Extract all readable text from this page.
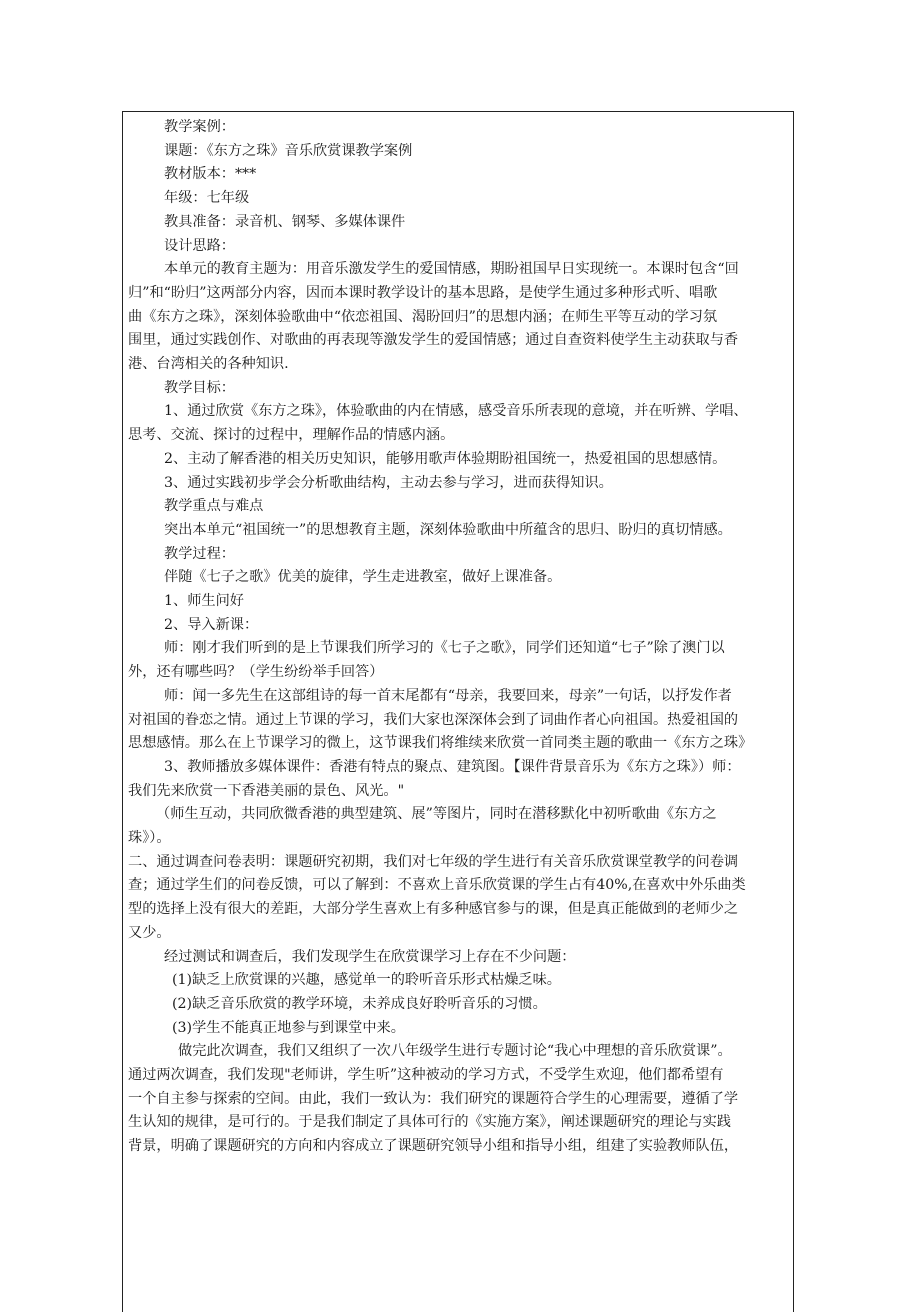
教学案例：
课题：《东方之珠》音乐欣赏课教学案例
教材版本：***
年级：七年级
教具准备：录音机、钢琴、多媒体课件
设计思路：
本单元的教育主题为：用音乐激发学生的爱国情感，期盼祖国早日实现统一。本课时包含“回
归”和“盼归”这两部分内容，因而本课时教学设计的基本思路，是使学生通过多种形式听、唱歌
曲《东方之珠》，深刻体验歌曲中“依恋祖国、渴盼回归”的思想内涵；在师生平等互动的学习氛
围里，通过实践创作、对歌曲的再表现等激发学生的爱国情感；通过自查资料使学生主动获取与香
港、台湾相关的各种知识.
教学目标：
1、通过欣赏《东方之珠》，体验歌曲的内在情感，感受音乐所表现的意境，并在听辨、学唱、
思考、交流、探讨的过程中，理解作品的情感内涵。
2、主动了解香港的相关历史知识，能够用歌声体验期盼祖国统一，热爱祖国的思想感情。
3、通过实践初步学会分析歌曲结构，主动去参与学习，进而获得知识。
教学重点与难点
突出本单元“祖国统一”的思想教育主题，深刻体验歌曲中所蕴含的思归、盼归的真切情感。
教学过程：
伴随《七子之歌》优美的旋律，学生走进教室，做好上课准备。
1、师生问好
2、导入新课：
师：刚才我们听到的是上节课我们所学习的《七子之歌》，同学们还知道“七子”除了澳门以
外，还有哪些吗？（学生纷纷举手回答）
师：闻一多先生在这部组诗的每一首末尾都有“母亲，我要回来，母亲”一句话，以抒发作者
对祖国的眷恋之情。通过上节课的学习，我们大家也深深体会到了词曲作者心向祖国。热爱祖国的
思想感情。那么在上节课学习的微上，这节课我们将维续来欣赏一首同类主题的歌曲一《东方之珠》
3、教师播放多媒体课件：香港有特点的聚点、建筑图。【课件背景音乐为《东方之珠》）师：
我们先来欣赏一下香港美丽的景色、风光。"
（师生互动，共同欣微香港的典型建筑、展”等图片，同时在潜移默化中初听歌曲《东方之
珠》）。
二、通过调查问卷表明：课题研究初期，我们对七年级的学生进行有关音乐欣赏课堂教学的问卷调
查；通过学生们的问卷反馈，可以了解到：不喜欢上音乐欣赏课的学生占有40%,在喜欢中外乐曲类
型的选择上没有很大的差距，大部分学生喜欢上有多种感官参与的课，但是真正能做到的老师少之
又少。
经过测试和调查后，我们发现学生在欣赏课学习上存在不少问题：
(1)缺乏上欣赏课的兴趣，感觉单一的聆听音乐形式枯燥乏味。
(2)缺乏音乐欣赏的教学环境，未养成良好聆听音乐的习惯。
(3)学生不能真正地参与到课堂中来。
做完此次调查，我们又组织了一次八年级学生进行专题讨论“我心中理想的音乐欣赏课”。
通过两次调查，我们发现"老师讲，学生听”这种被动的学习方式，不受学生欢迎，他们都希望有
一个自主参与探索的空间。由此，我们一致认为：我们研究的课题符合学生的心理需要，遵循了学
生认知的规律，是可行的。于是我们制定了具体可行的《实施方案》，阐述课题研究的理论与实践
背景，明确了课题研究的方向和内容成立了课题研究领导小组和指导小组，组建了实验教师队伍，
